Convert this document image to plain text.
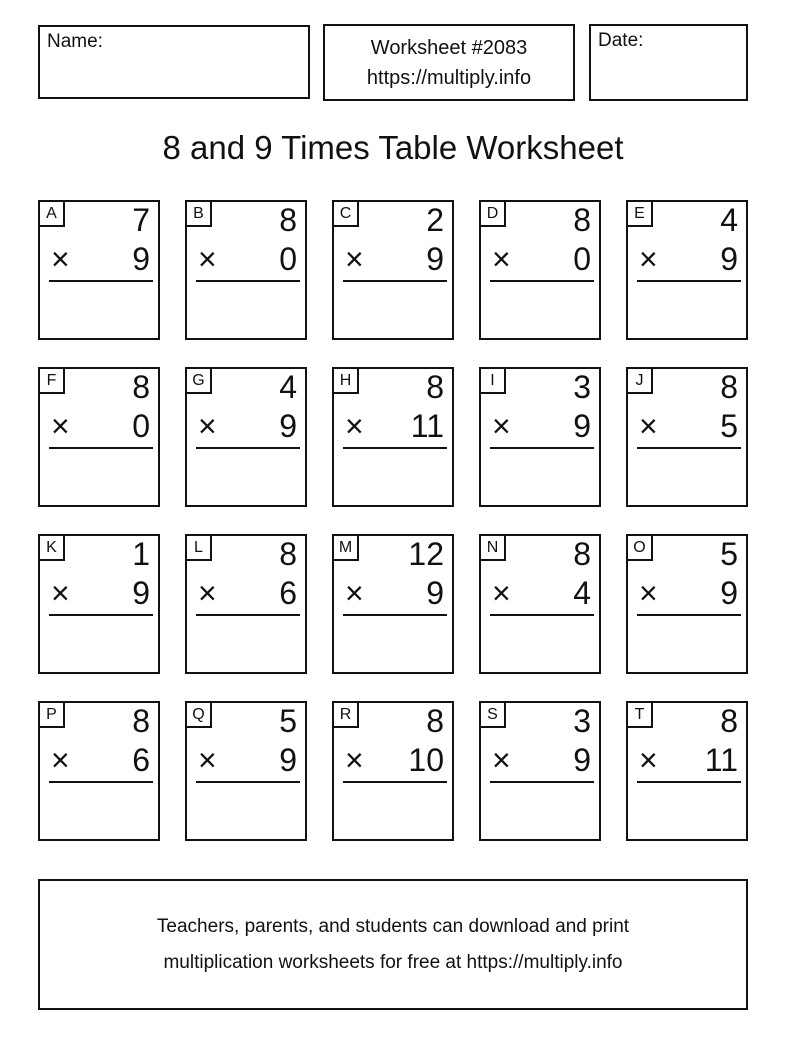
Name:	Worksheet #2083
https://multiply.info
Date:
8 and 9 Times Table Worksheet
A 7
× 9
B 8
× 0
C 2
× 9
D 8
× 0
E 4
× 9
F 8
× 0
G 4
× 9
H 8
× 11
I	3
× 9
J 8
× 5
K 1
× 9
L 8
× 6
M 12
× 9
N 8
× 4
O 5
× 9
P 8
× 6
Q 5
× 9
R 8
× 10
S 3
× 9
T 8
× 11
Teachers, parents, and students can download and print
multiplication worksheets for free at https://multiply.info
